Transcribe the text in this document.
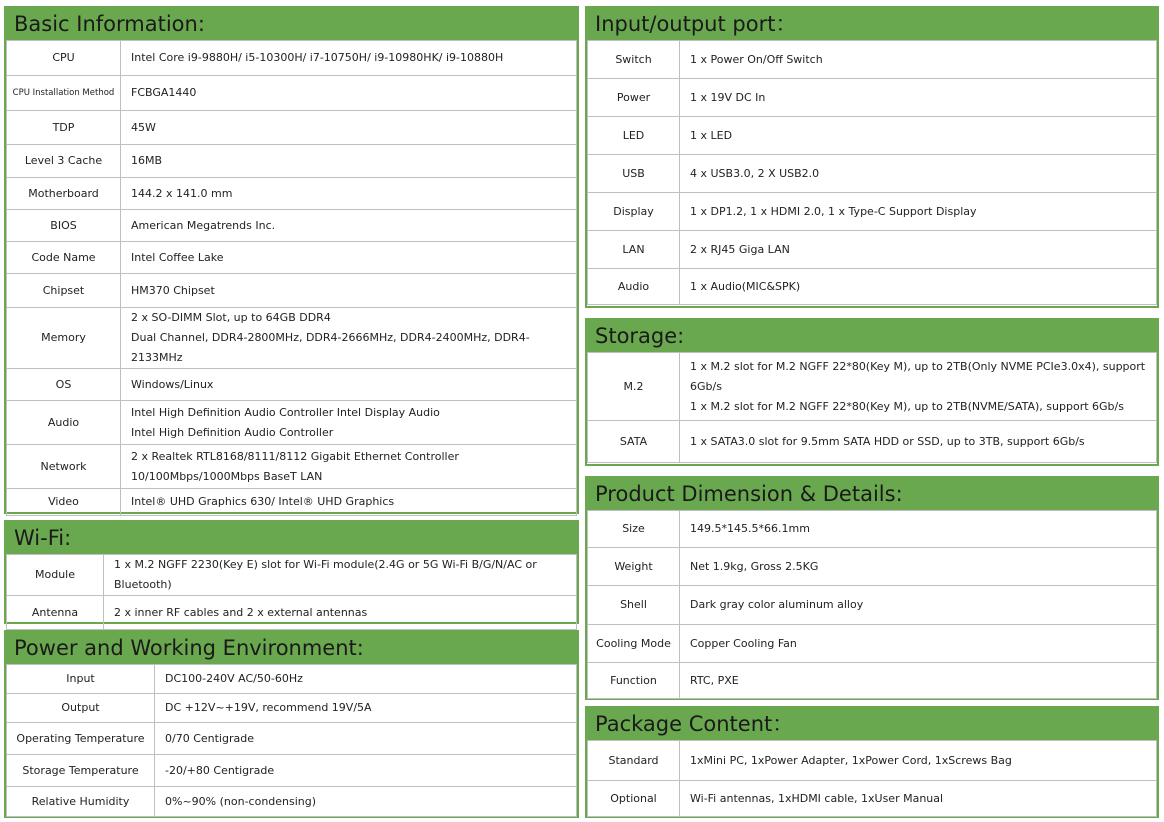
Basic Information:
CPU	Intel Core i9-9880H/ i5-10300H/ i7-10750H/ i9-10980HK/ i9-10880H
CPU Installation Method	FCBGA1440
TDP	45W
Level 3 Cache	16MB
Motherboard	144.2 x 141.0 mm
BIOS	American Megatrends Inc.
Code Name	Intel Coffee Lake
Chipset	HM370 Chipset
Memory	2 x SO-DIMM Slot, up to 64GB DDR4
Dual Channel, DDR4-2800MHz, DDR4-2666MHz, DDR4-2400MHz, DDR4-2133MHz

OS	Windows/Linux
Audio	Intel High Definition Audio Controller Intel Display Audio
Intel High Definition Audio Controller

Network	2 x Realtek RTL8168/8111/8112 Gigabit Ethernet Controller
10/100Mbps/1000Mbps BaseT LAN

Video	Intel® UHD Graphics 630/ Intel® UHD Graphics
Wi-Fi:
Module	1 x M.2 NGFF 2230(Key E) slot for Wi-Fi module(2.4G or 5G Wi-Fi B/G/N/AC or Bluetooth)
Antenna	2 x inner RF cables and 2 x external antennas
Power and Working Environment:
Input	DC100-240V AC/50-60Hz
Output	DC +12V~+19V, recommend 19V/5A
Operating Temperature	0/70 Centigrade
Storage Temperature	-20/+80 Centigrade
Relative Humidity	0%~90% (non-condensing)
Input/output port：
Switch	1 x Power On/Off Switch
Power	1 x 19V DC In
LED	1 x LED
USB	4 x USB3.0, 2 X USB2.0
Display	1 x DP1.2, 1 x HDMI 2.0, 1 x Type-C Support Display
LAN	2 x RJ45 Giga LAN
Audio	1 x Audio(MIC&SPK)
Storage:
M.2	1 x M.2 slot for M.2 NGFF 22*80(Key M), up to 2TB(Only NVME PCIe3.0x4), support 6Gb/s
1 x M.2 slot for M.2 NGFF 22*80(Key M), up to 2TB(NVME/SATA), support 6Gb/s

SATA	1 x SATA3.0 slot for 9.5mm SATA HDD or SSD, up to 3TB, support 6Gb/s
Product Dimension & Details:
Size	149.5*145.5*66.1mm
Weight	Net 1.9kg, Gross 2.5KG
Shell	Dark gray color aluminum alloy
Cooling Mode	Copper Cooling Fan
Function	RTC, PXE
Package Content：
Standard	1xMini PC, 1xPower Adapter, 1xPower Cord, 1xScrews Bag
Optional	Wi-Fi antennas, 1xHDMI cable, 1xUser Manual
